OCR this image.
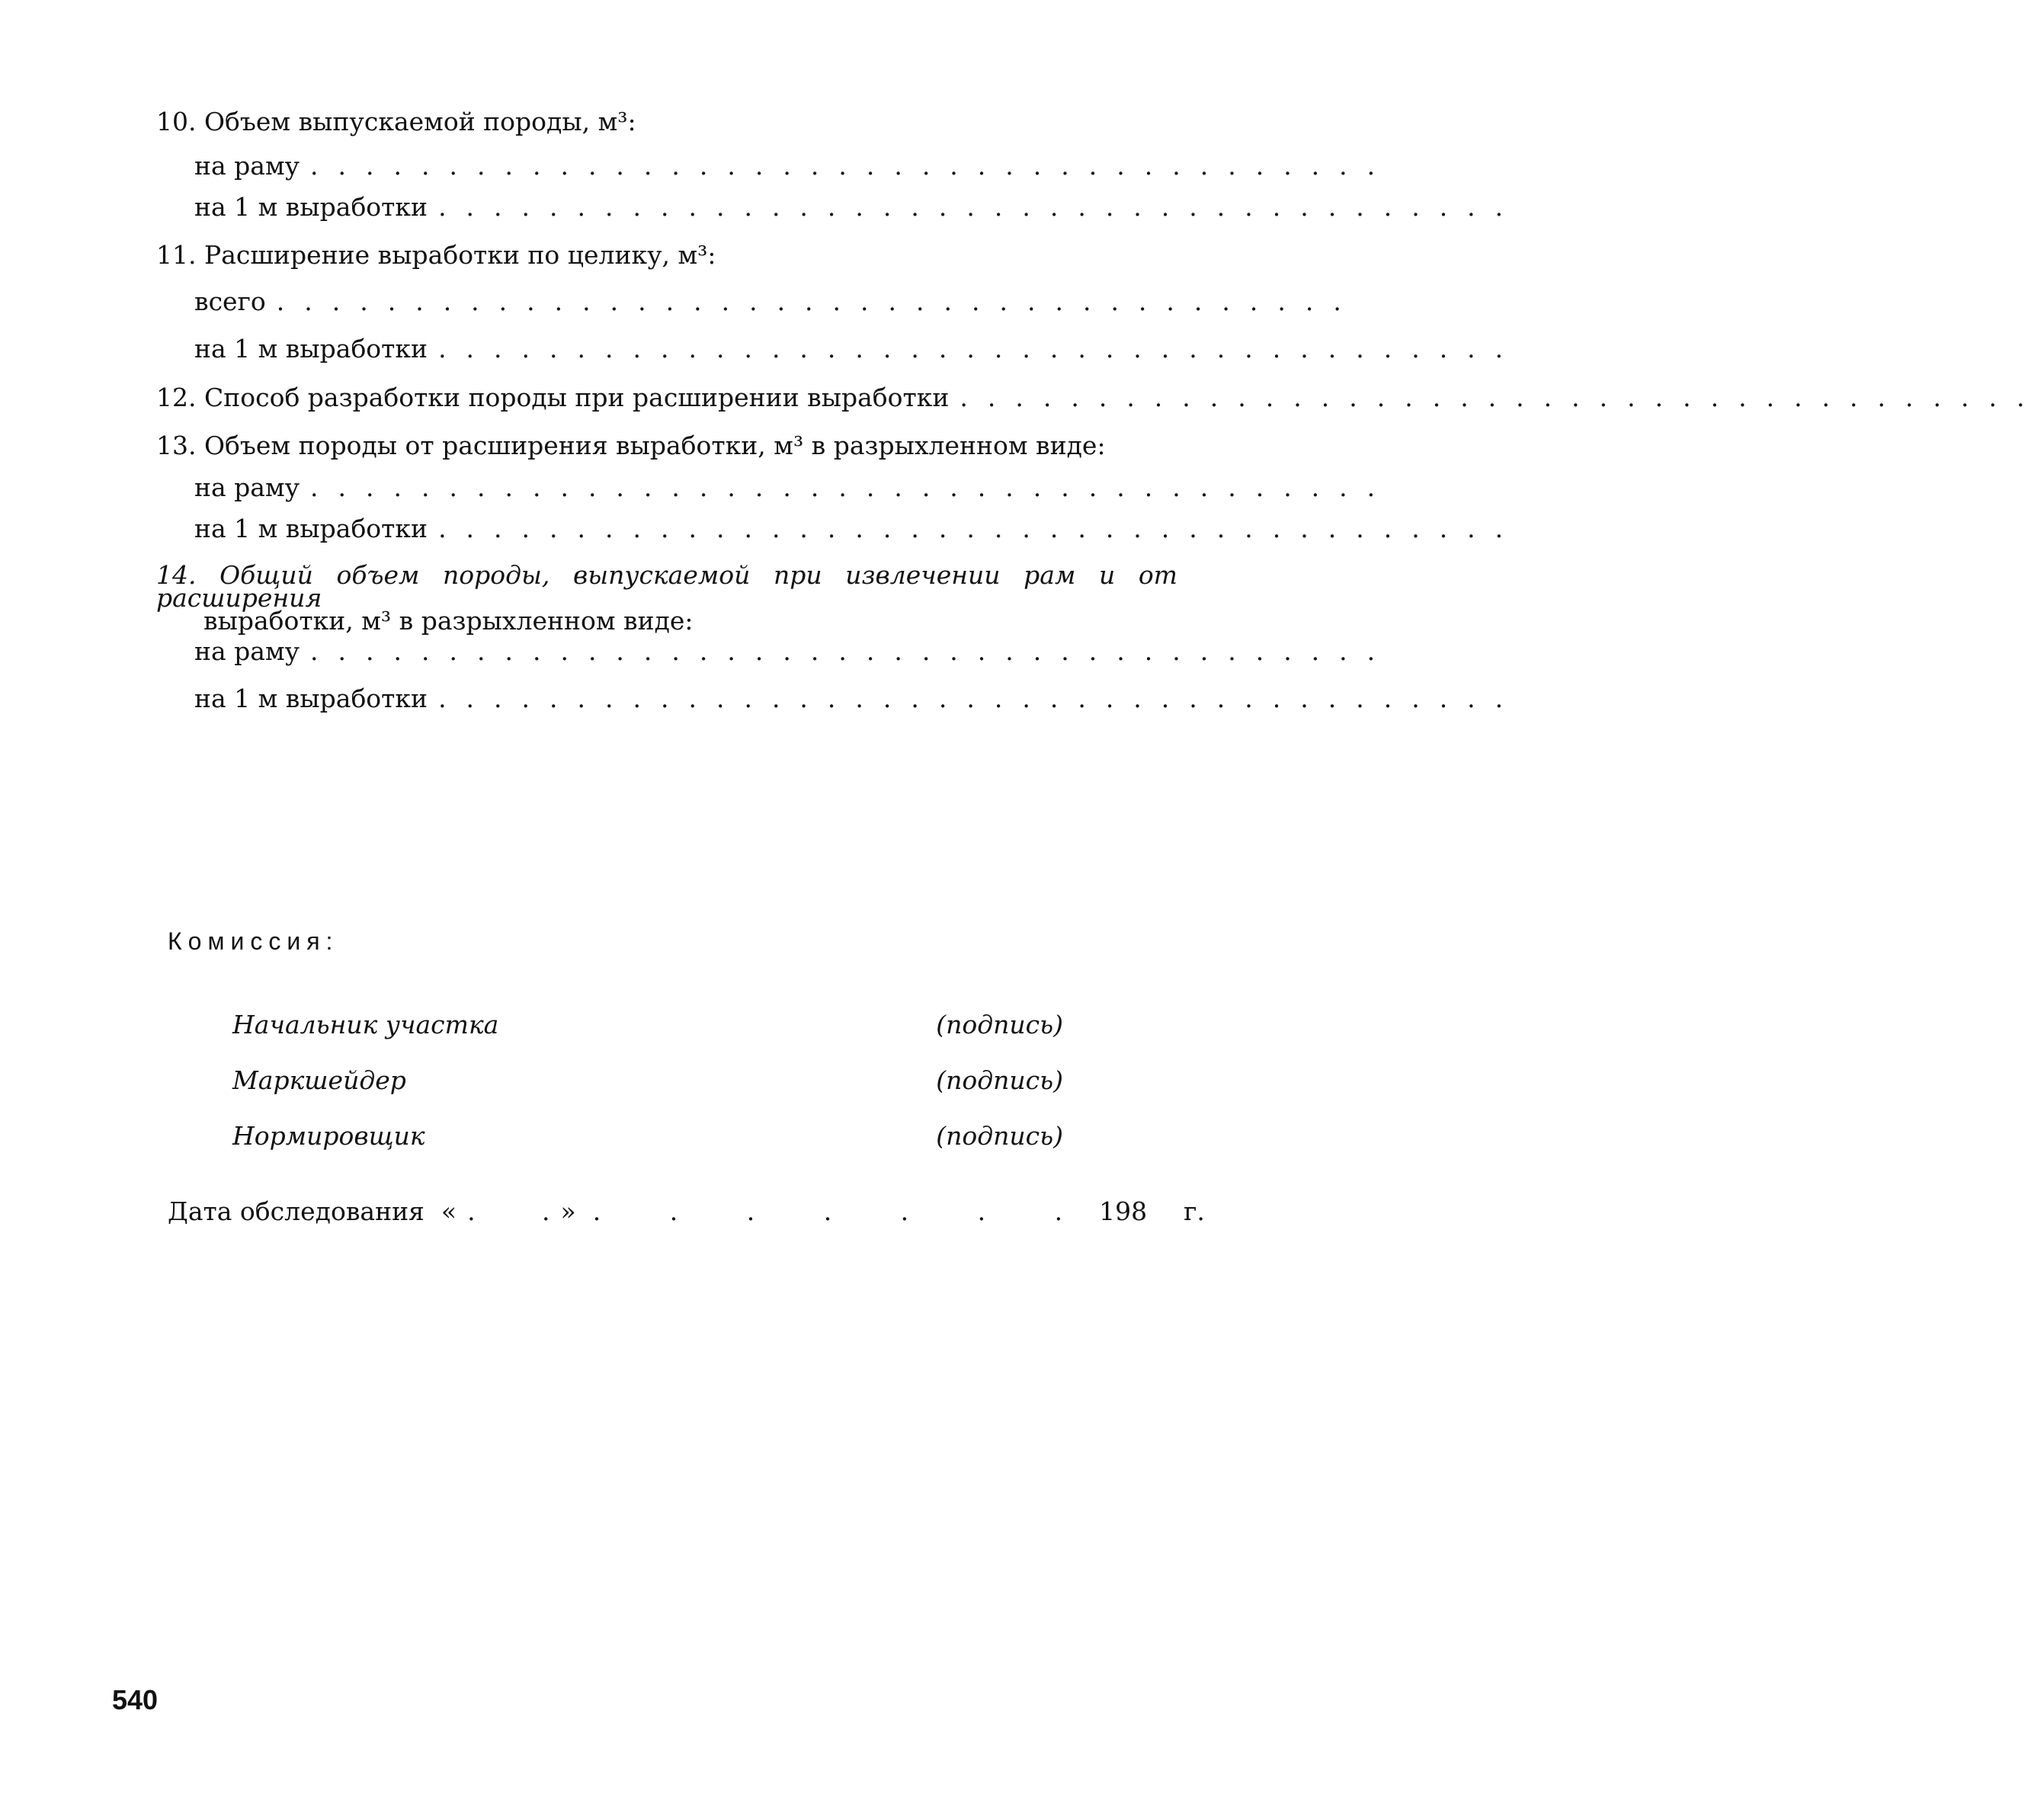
10. Объем выпускаемой породы, м³:
на раму .......................................
на 1 м выработки .......................................
11. Расширение выработки по целику, м³:
всего .......................................
на 1 м выработки .......................................
12. Способ разработки породы при расширении выработки .......................................
13. Объем породы от расширения выработки, м³ в разрыхленном виде:
на раму .......................................
на 1 м выработки .......................................
14. Общий объем породы, выпускаемой при извлечении рам и от расширения
выработки, м³ в разрыхленном виде:
на раму .......................................
на 1 м выработки .......................................
Комиссия:
Начальник участка	(подпись)
Маркшейдер	(подпись)
Нормировщик	(подпись)
Дата обследования « .   . » . . . . . . . 198	г.
540
